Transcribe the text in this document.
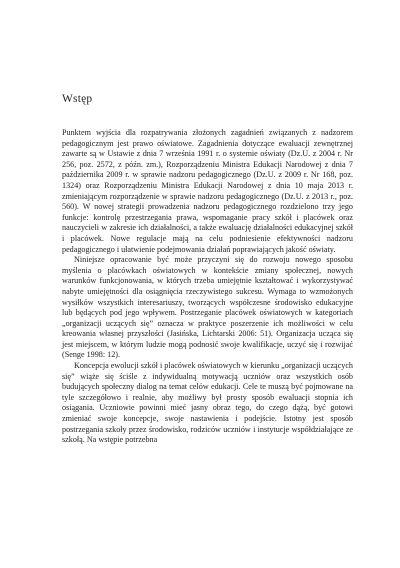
Wstęp

Punktem wyjścia dla rozpatrywania złożonych zagadnień związanych z nadzorem pedagogicznym jest prawo oświatowe. Zagadnienia dotyczące ewaluacji zewnętrznej zawarte są w Ustawie z dnia 7 września 1991 r. o systemie oświaty (Dz.U. z 2004 r. Nr 256, poz. 2572, z późn. zm.), Rozporządzeniu Ministra Edukacji Narodowej z dnia 7 października 2009 r. w sprawie nadzoru pedagogicznego (Dz.U. z 2009 r. Nr 168, poz. 1324) oraz Rozporządzeniu Ministra Edukacji Narodowej z dnia 10 maja 2013 r. zmieniającym rozporządzenie w sprawie nadzoru pedagogicznego (Dz.U. z 2013 r., poz. 560). W nowej strategii prowadzenia nadzoru pedagogicznego rozdzielono trzy jego funkcje: kontrolę przestrzegania prawa, wspomaganie pracy szkół i placówek oraz nauczycieli w zakresie ich działalności, a także ewaluację działalności edukacyjnej szkół i placówek. Nowe regulacje mają na celu podniesienie efektywności nadzoru pedagogicznego i ułatwienie podejmowania działań poprawiających jakość oświaty.

Niniejsze opracowanie być może przyczyni się do rozwoju nowego sposobu myślenia o placówkach oświatowych w kontekście zmiany społecznej, nowych warunków funkcjonowania, w których trzeba umiejętnie kształtować i wykorzystywać nabyte umiejętności dla osiągnięcia rzeczywistego sukcesu. Wymaga to wzmożonych wysiłków wszystkich interesariuszy, tworzących współczesne środowisko edukacyjne lub będących pod jego wpływem. Postrzeganie placówek oświatowych w kategoriach „organizacji uczących się” oznacza w praktyce poszerzenie ich możliwości w celu kreowania własnej przyszłości (Jasińska, Lichtarski 2006: 51). Organizacja ucząca się jest miejscem, w którym ludzie mogą podnosić swoje kwalifikacje, uczyć się i rozwijać (Senge 1998: 12).

Koncepcja ewolucji szkół i placówek oświatowych w kierunku „organizacji uczących się” wiąże się ściśle z indywidualną motywacją uczniów oraz wszystkich osób budujących społeczny dialog na temat celów edukacji. Cele te muszą być pojmowane na tyle szczegółowo i realnie, aby możliwy był prosty sposób ewaluacji stopnia ich osiągania. Uczniowie powinni mieć jasny obraz tego, do czego dążą, być gotowi zmieniać swoje koncepcje, swoje nastawienia i podejście. Istotny jest sposób postrzegania szkoły przez środowisko, rodziców uczniów i instytucje współdziałające ze szkołą. Na wstępie potrzebna
